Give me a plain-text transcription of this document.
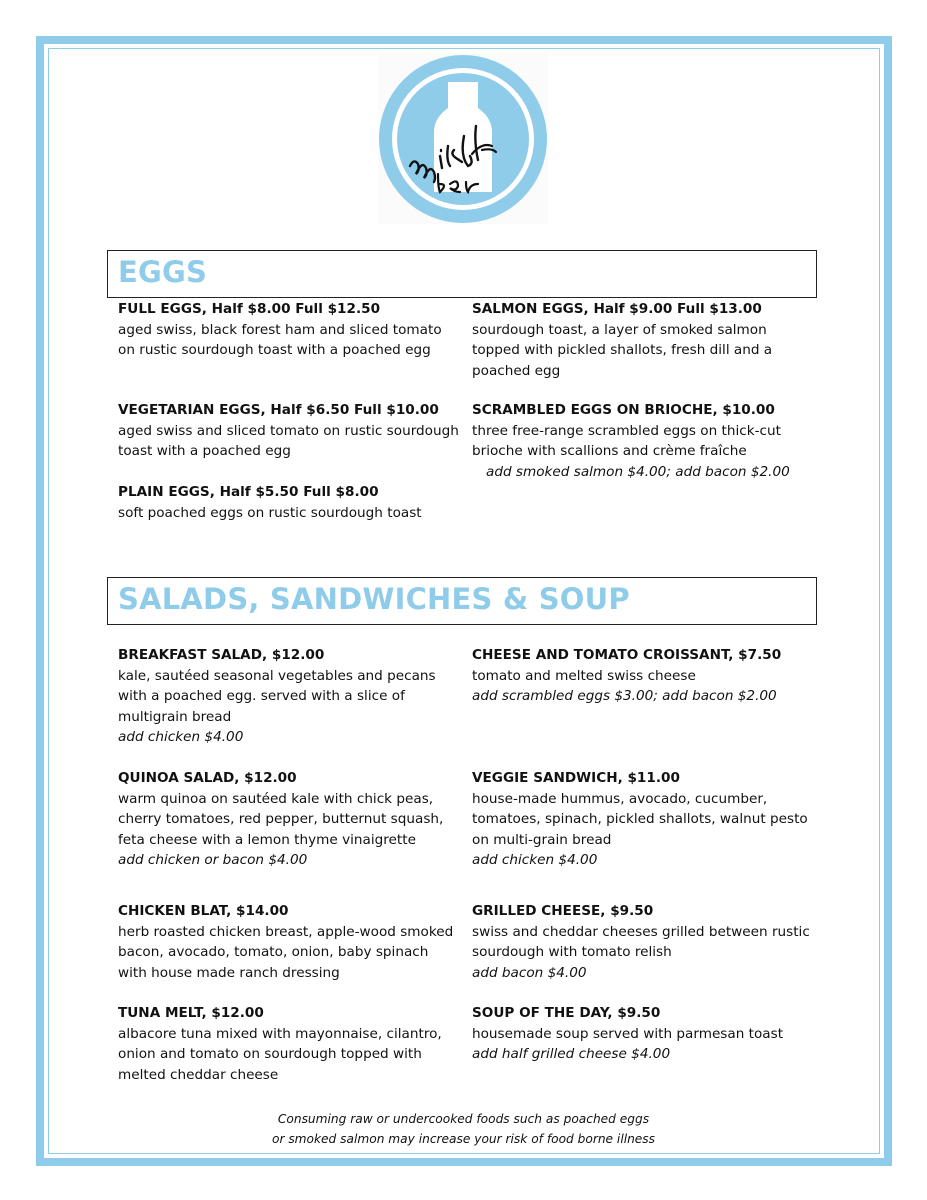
EGGS
FULL EGGS, Half $8.00 Full $12.50
aged swiss, black forest ham and sliced tomato
on rustic sourdough toast with a poached egg
SALMON EGGS, Half $9.00 Full $13.00
sourdough toast, a layer of smoked salmon
topped with pickled shallots, fresh dill and a
poached egg
VEGETARIAN EGGS, Half $6.50 Full $10.00
aged swiss and sliced tomato on rustic sourdough
toast with a poached egg
SCRAMBLED EGGS ON BRIOCHE, $10.00
three free-range scrambled eggs on thick-cut
brioche with scallions and crème fraîche
add smoked salmon $4.00; add bacon $2.00
PLAIN EGGS, Half $5.50 Full $8.00
soft poached eggs on rustic sourdough toast
SALADS, SANDWICHES & SOUP
BREAKFAST SALAD, $12.00
kale, sautéed seasonal vegetables and pecans
with a poached egg. served with a slice of
multigrain bread
add chicken $4.00
CHEESE AND TOMATO CROISSANT, $7.50
tomato and melted swiss cheese
add scrambled eggs $3.00; add bacon $2.00
QUINOA SALAD, $12.00
warm quinoa on sautéed kale with chick peas,
cherry tomatoes, red pepper, butternut squash,
feta cheese with a lemon thyme vinaigrette
add chicken or bacon $4.00
VEGGIE SANDWICH, $11.00
house-made hummus, avocado, cucumber,
tomatoes, spinach, pickled shallots, walnut pesto
on multi-grain bread
add chicken $4.00
CHICKEN BLAT, $14.00
herb roasted chicken breast, apple-wood smoked
bacon, avocado, tomato, onion, baby spinach
with house made ranch dressing
GRILLED CHEESE, $9.50
swiss and cheddar cheeses grilled between rustic
sourdough with tomato relish
add bacon $4.00
TUNA MELT, $12.00
albacore tuna mixed with mayonnaise, cilantro,
onion and tomato on sourdough topped with
melted cheddar cheese
SOUP OF THE DAY, $9.50
housemade soup served with parmesan toast
add half grilled cheese $4.00
Consuming raw or undercooked foods such as poached eggs
or smoked salmon may increase your risk of food borne illness
